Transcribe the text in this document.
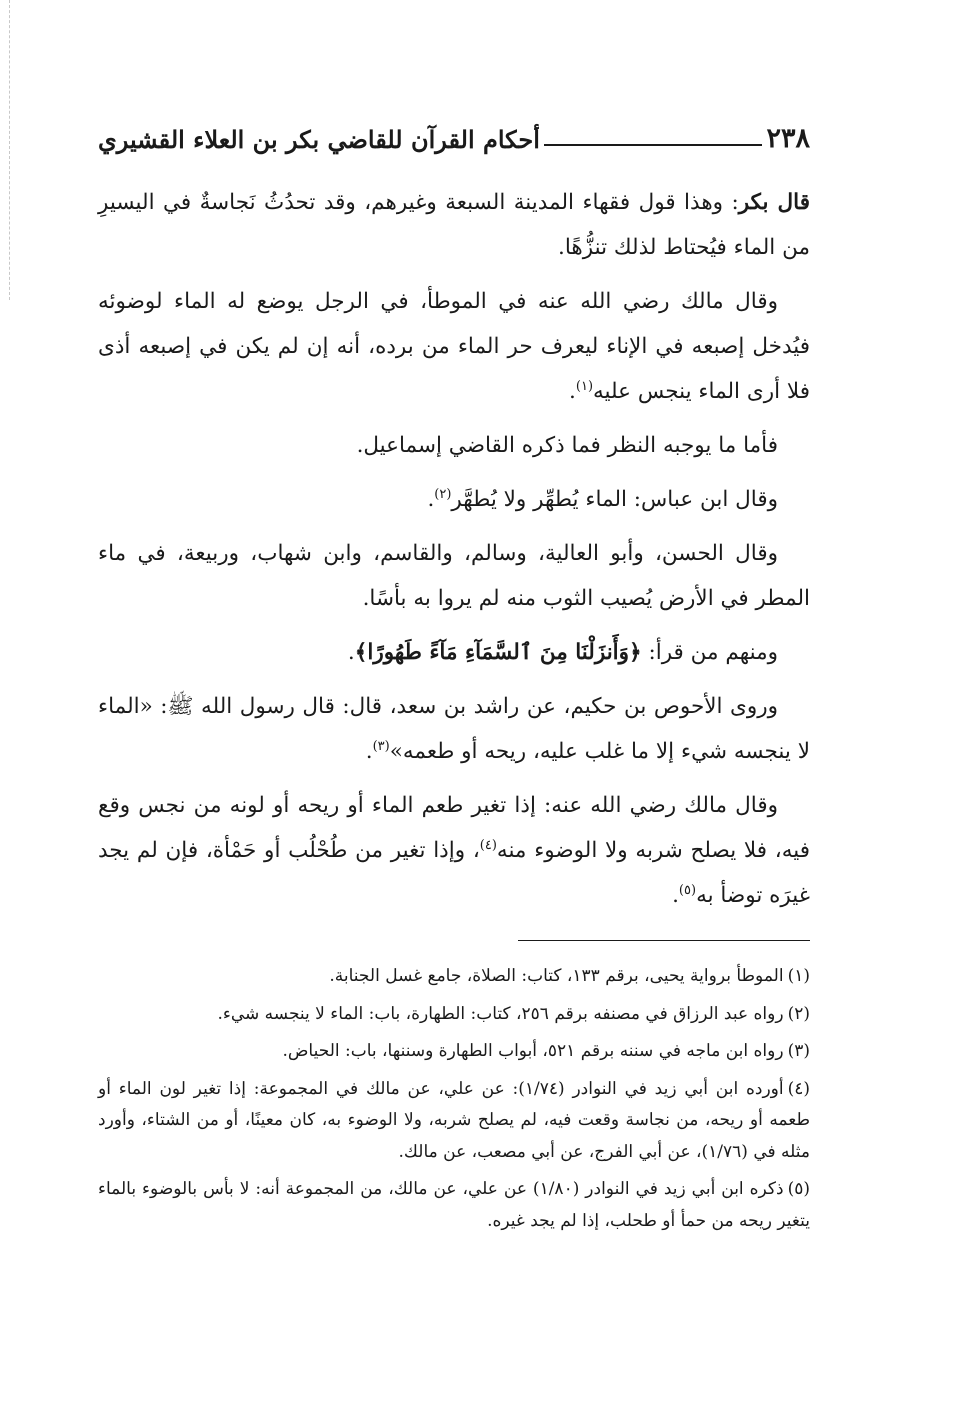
٢٣٨
أحكام القرآن للقاضي بكر بن العلاء القشيري

قال بكر: وهذا قول فقهاء المدينة السبعة وغيرهم، وقد تحدُثُ نَجاسةٌ في اليسيرِ من الماء فيُحتاط لذلك تنزُّهًا.

وقال مالك رضي الله عنه في الموطأ، في الرجل يوضع له الماء لوضوئه فيُدخل إصبعه في الإناء ليعرف حر الماء من برده، أنه إن لم يكن في إصبعه أذى فلا أرى الماء ينجس عليه$^{(١)}$.

فأما ما يوجبه النظر فما ذكره القاضي إسماعيل.

وقال ابن عباس: الماء يُطهِّر ولا يُطهَّر$^{(٢)}$.

وقال الحسن، وأبو العالية، وسالم، والقاسم، وابن شهاب، وربيعة، في ماء المطر في الأرض يُصيب الثوب منه لم يروا به بأسًا.

ومنهم من قرأ: ﴿وَأَنزَلْنَا مِنَ ٱلسَّمَآءِ مَآءً طَهُورًا﴾.

وروى الأحوص بن حكيم، عن راشد بن سعد، قال: قال رسول الله ﷺ: «الماء لا ينجسه شيء إلا ما غلب عليه، ريحه أو طعمه»$^{(٣)}$.

وقال مالك رضي الله عنه: إذا تغير طعم الماء أو ريحه أو لونه من نجس وقع فيه، فلا يصلح شربه ولا الوضوء منه$^{(٤)}$، وإذا تغير من طُحْلُب أو حَمْأة، فإن لم يجد غيرَه توضأ به$^{(٥)}$.

(١)الموطأ برواية يحيى، برقم ١٣٣، كتاب: الصلاة، جامع غسل الجنابة.
(٢)رواه عبد الرزاق في مصنفه برقم ٢٥٦، كتاب: الطهارة، باب: الماء لا ينجسه شيء.
(٣)رواه ابن ماجه في سننه برقم ٥٢١، أبواب الطهارة وسننها، باب: الحياض.
(٤)أورده ابن أبي زيد في النوادر (١/٧٤): عن علي، عن مالك في المجموعة: إذا تغير لون الماء أو طعمه أو ريحه، من نجاسة وقعت فيه، لم يصلح شربه، ولا الوضوء به، كان معينًا، أو من الشتاء، وأورد مثله في (١/٧٦)، عن أبي الفرج، عن أبي مصعب، عن مالك.
(٥)ذكره ابن أبي زيد في النوادر (١/٨٠) عن علي، عن مالك، من المجموعة أنه: لا بأس بالوضوء بالماء يتغير ريحه من حمأ أو طحلب، إذا لم يجد غيره.
